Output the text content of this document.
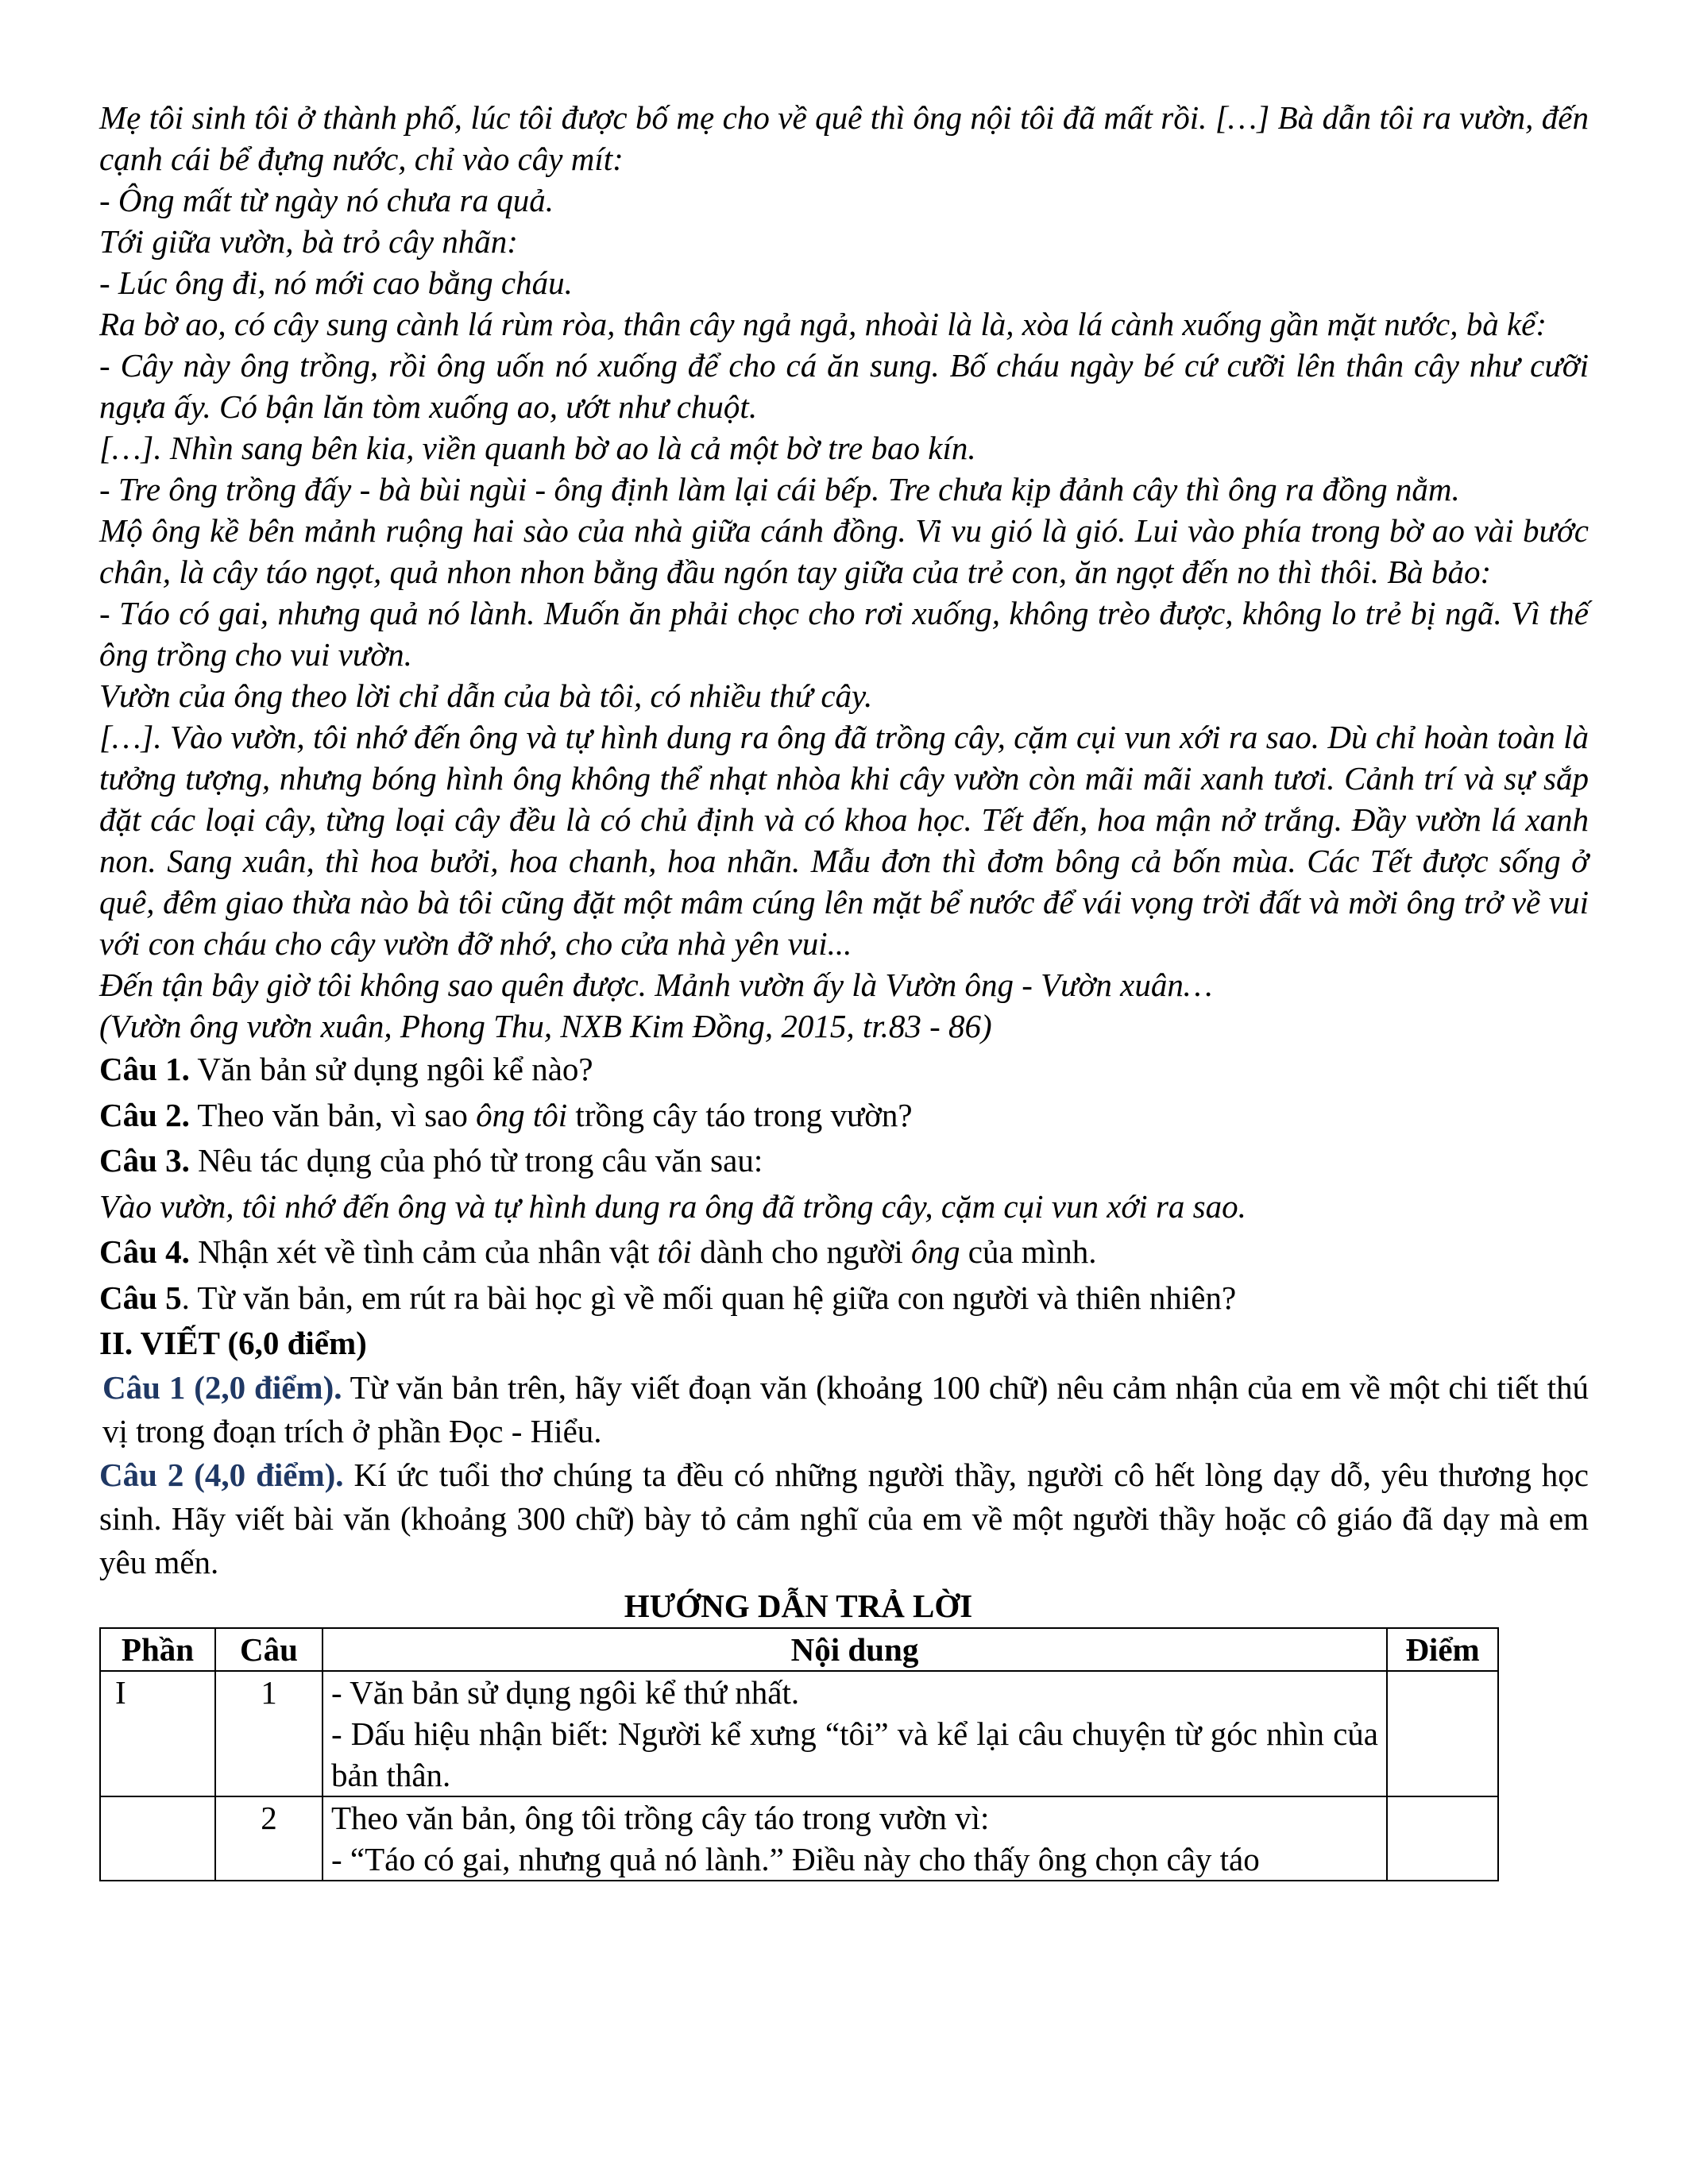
Mẹ tôi sinh tôi ở thành phố, lúc tôi được bố mẹ cho về quê thì ông nội tôi đã mất rồi. […] Bà dẫn tôi ra vườn, đến cạnh cái bể đựng nước, chỉ vào cây mít:

- Ông mất từ ngày nó chưa ra quả.

Tới giữa vườn, bà trỏ cây nhãn:

- Lúc ông đi, nó mới cao bằng cháu.

Ra bờ ao, có cây sung cành lá rùm ròa, thân cây ngả ngả, nhoài là là, xòa lá cành xuống gần mặt nước, bà kể:

- Cây này ông trồng, rồi ông uốn nó xuống để cho cá ăn sung. Bố cháu ngày bé cứ cưỡi lên thân cây như cưỡi ngựa ấy. Có bận lăn tòm xuống ao, ướt như chuột.

[…]. Nhìn sang bên kia, viền quanh bờ ao là cả một bờ tre bao kín.

- Tre ông trồng đấy - bà bùi ngùi - ông định làm lại cái bếp. Tre chưa kịp đảnh cây thì ông ra đồng nằm.

Mộ ông kề bên mảnh ruộng hai sào của nhà giữa cánh đồng. Vi vu gió là gió. Lui vào phía trong bờ ao vài bước chân, là cây táo ngọt, quả nhon nhon bằng đầu ngón tay giữa của trẻ con, ăn ngọt đến no thì thôi. Bà bảo:

- Táo có gai, nhưng quả nó lành. Muốn ăn phải chọc cho rơi xuống, không trèo được, không lo trẻ bị ngã. Vì thế ông trồng cho vui vườn.

Vườn của ông theo lời chỉ dẫn của bà tôi, có nhiều thứ cây.

[…]. Vào vườn, tôi nhớ đến ông và tự hình dung ra ông đã trồng cây, cặm cụi vun xới ra sao. Dù chỉ hoàn toàn là tưởng tượng, nhưng bóng hình ông không thể nhạt nhòa khi cây vườn còn mãi mãi xanh tươi. Cảnh trí và sự sắp đặt các loại cây, từng loại cây đều là có chủ định và có khoa học. Tết đến, hoa mận nở trắng. Đầy vườn lá xanh non. Sang xuân, thì hoa bưởi, hoa chanh, hoa nhãn. Mẫu đơn thì đơm bông cả bốn mùa. Các Tết được sống ở quê, đêm giao thừa nào bà tôi cũng đặt một mâm cúng lên mặt bể nước để vái vọng trời đất và mời ông trở về vui với con cháu cho cây vườn đỡ nhớ, cho cửa nhà yên vui...

Đến tận bây giờ tôi không sao quên được. Mảnh vườn ấy là Vườn ông - Vườn xuân…

(Vườn ông vườn xuân, Phong Thu, NXB Kim Đồng, 2015, tr.83 - 86)

Câu 1. Văn bản sử dụng ngôi kể nào?

Câu 2. Theo văn bản, vì sao ông tôi trồng cây táo trong vườn?

Câu 3. Nêu tác dụng của phó từ trong câu văn sau:

Vào vườn, tôi nhớ đến ông và tự hình dung ra ông đã trồng cây, cặm cụi vun xới ra sao.

Câu 4. Nhận xét về tình cảm của nhân vật tôi dành cho người ông của mình.

Câu 5. Từ văn bản, em rút ra bài học gì về mối quan hệ giữa con người và thiên nhiên?

II. VIẾT (6,0 điểm)

Câu 1 (2,0 điểm). Từ văn bản trên, hãy viết đoạn văn (khoảng 100 chữ) nêu cảm nhận của em về một chi tiết thú vị trong đoạn trích ở phần Đọc - Hiểu.

Câu 2 (4,0 điểm). Kí ức tuổi thơ chúng ta đều có những người thầy, người cô hết lòng dạy dỗ, yêu thương học sinh. Hãy viết bài văn (khoảng 300 chữ) bày tỏ cảm nghĩ của em về một người thầy hoặc cô giáo đã dạy mà em yêu mến.

HƯỚNG DẪN TRẢ LỜI

Phần	Câu	Nội dung	Điểm
I	1	- Văn bản sử dụng ngôi kể thứ nhất.
- Dấu hiệu nhận biết: Người kể xưng “tôi” và kể lại câu chuyện từ góc nhìn của bản thân.	

	2	Theo văn bản, ông tôi trồng cây táo trong vườn vì:
- “Táo có gai, nhưng quả nó lành.” Điều này cho thấy ông chọn cây táo	
